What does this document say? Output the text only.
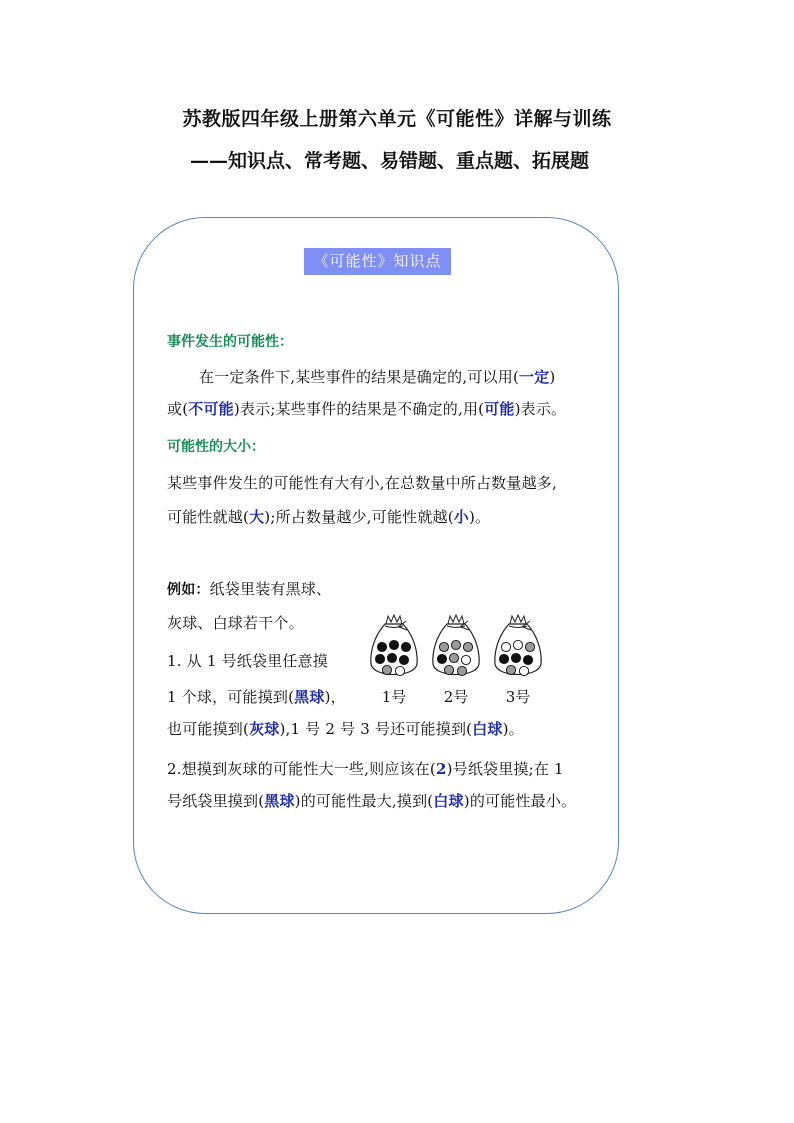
苏教版四年级上册第六单元《可能性》详解与训练
——知识点、常考题、易错题、重点题、拓展题
《可能性》知识点
事件发生的可能性：
在一定条件下,某些事件的结果是确定的,可以用(一定)
或(不可能)表示;某些事件的结果是不确定的,用(可能)表示。
可能性的大小：
某些事件发生的可能性有大有小,在总数量中所占数量越多,
可能性就越(大);所占数量越少,可能性就越(小)。
例如：纸袋里装有黑球、
灰球、白球若干个。
1. 从 1 号纸袋里任意摸
1 个球，可能摸到(黑球)，
也可能摸到(灰球),1 号 2 号 3 号还可能摸到(白球)。
2.想摸到灰球的可能性大一些,则应该在(2)号纸袋里摸;在 1
号纸袋里摸到(黑球)的可能性最大,摸到(白球)的可能性最小。
1号 2号 3号
